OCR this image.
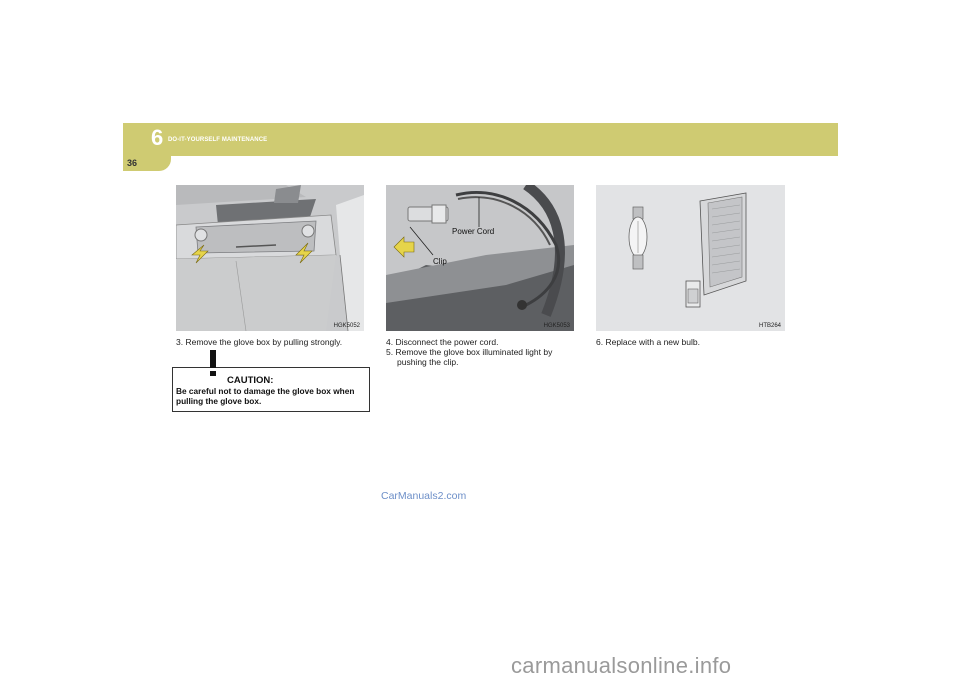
6 DO-IT-YOURSELF MAINTENANCE
36
HGK5052
Power Cord
Clip
HGK5053	HTB264
3. Remove the glove box by pulling strongly.	4. Disconnect the power cord.
5. Remove the glove box illuminated light by
pushing the clip.
6. Replace with a new bulb.
CAUTION:
Be careful not to damage the glove box when pulling the glove box.
CarManuals2.com
carmanualsonline.info
